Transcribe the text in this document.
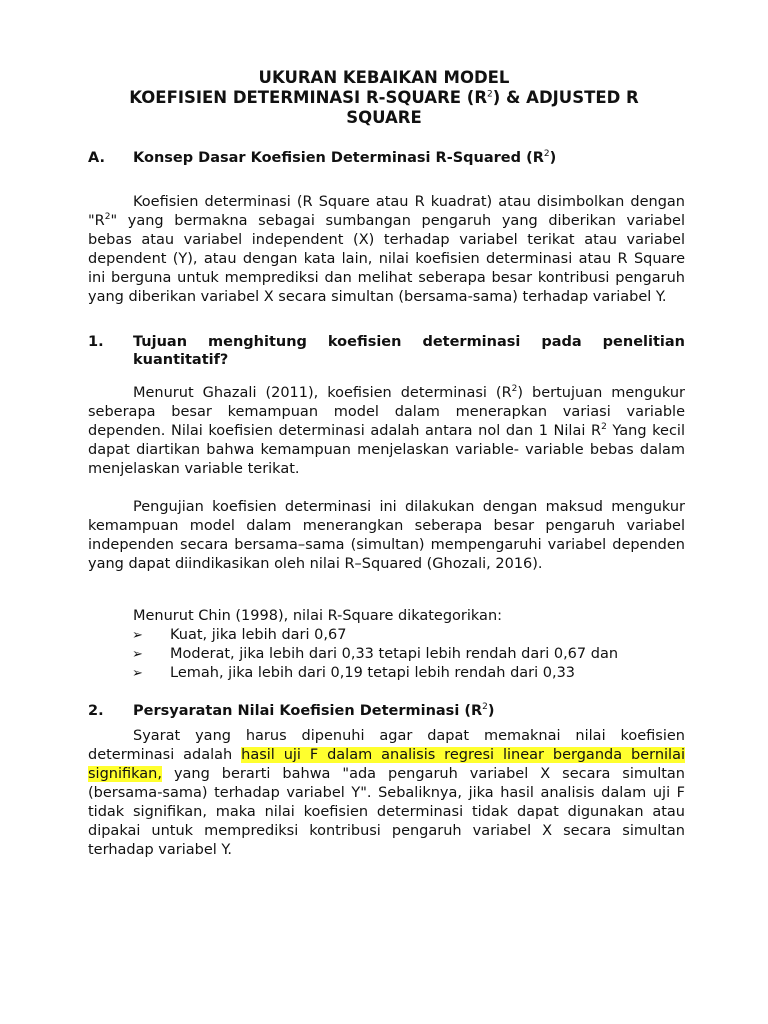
UKURAN KEBAIKAN MODEL
KOEFISIEN DETERMINASI R-SQUARE $(R^2)$ & ADJUSTED R
SQUARE
A. Konsep Dasar Koefisien Determinasi R-Squared $(R^2)$
Koefisien determinasi (R Square atau R kuadrat) atau disimbolkan dengan "$R^2$" yang bermakna sebagai sumbangan pengaruh yang diberikan variabel bebas atau variabel independent (X) terhadap variabel terikat atau variabel dependent (Y), atau dengan kata lain, nilai koefisien determinasi atau R Square ini berguna untuk memprediksi dan melihat seberapa besar kontribusi pengaruh yang diberikan variabel X secara simultan (bersama-sama) terhadap variabel Y.
1. Tujuan menghitung koefisien determinasi pada penelitian
kuantitatif?
Menurut Ghazali (2011), koefisien determinasi $(R^2)$ bertujuan mengukur seberapa besar kemampuan model dalam menerapkan variasi variable dependen. Nilai koefisien determinasi adalah antara nol dan 1 Nilai $R^2$ Yang kecil dapat diartikan bahwa kemampuan menjelaskan variable- variable bebas dalam menjelaskan variable terikat.
Pengujian koefisien determinasi ini dilakukan dengan maksud mengukur kemampuan model dalam menerangkan seberapa besar pengaruh variabel independen secara bersama–sama (simultan) mempengaruhi variabel dependen yang dapat diindikasikan oleh nilai R–Squared (Ghozali, 2016).
Menurut Chin (1998), nilai R-Square dikategorikan:
➢ Kuat, jika lebih dari 0,67
➢ Moderat, jika lebih dari 0,33 tetapi lebih rendah dari 0,67 dan
➢ Lemah, jika lebih dari 0,19 tetapi lebih rendah dari 0,33
2. Persyaratan Nilai Koefisien Determinasi $(R^2)$
Syarat yang harus dipenuhi agar dapat memaknai nilai koefisien determinasi adalah hasil uji F dalam analisis regresi linear berganda bernilai signifikan, yang berarti bahwa "ada pengaruh variabel X secara simultan (bersama-sama) terhadap variabel Y". Sebaliknya, jika hasil analisis dalam uji F tidak signifikan, maka nilai koefisien determinasi tidak dapat digunakan atau dipakai untuk memprediksi kontribusi pengaruh variabel X secara simultan terhadap variabel Y.
